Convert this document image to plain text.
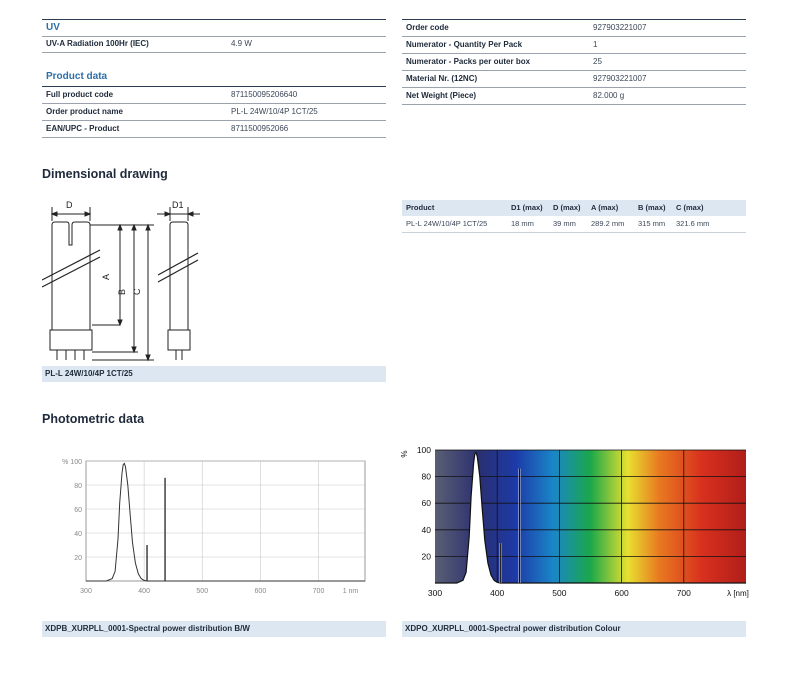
UV
UV-A Radiation 100Hr (IEC)	4.9 W
Product data
Full product code	871150095206640
Order product name	PL-L 24W/10/4P 1CT/25
EAN/UPC - Product	8711500952066
Order code	927903221007
Numerator - Quantity Per Pack	1
Numerator - Packs per outer box	25
Material Nr. (12NC)	927903221007
Net Weight (Piece)	82.000 g
Dimensional drawing
D	D1
A
B C
PL-L 24W/10/4P 1CT/25
Product	D1 (max) D (max) A (max)	B (max) C (max)
PL-L 24W/10/4P 1CT/25	18 mm	39 mm 289.2 mm 315 mm 321.6 mm
Photometric data
300	400	500	600	700	1 nm
20
40
60
80
% 100
XDPB_XURPLL_0001-Spectral power distribution B/W
300	400	500	600	700
20
40
60
80
100
%
λ [nm]
XDPO_XURPLL_0001-Spectral power distribution Colour
